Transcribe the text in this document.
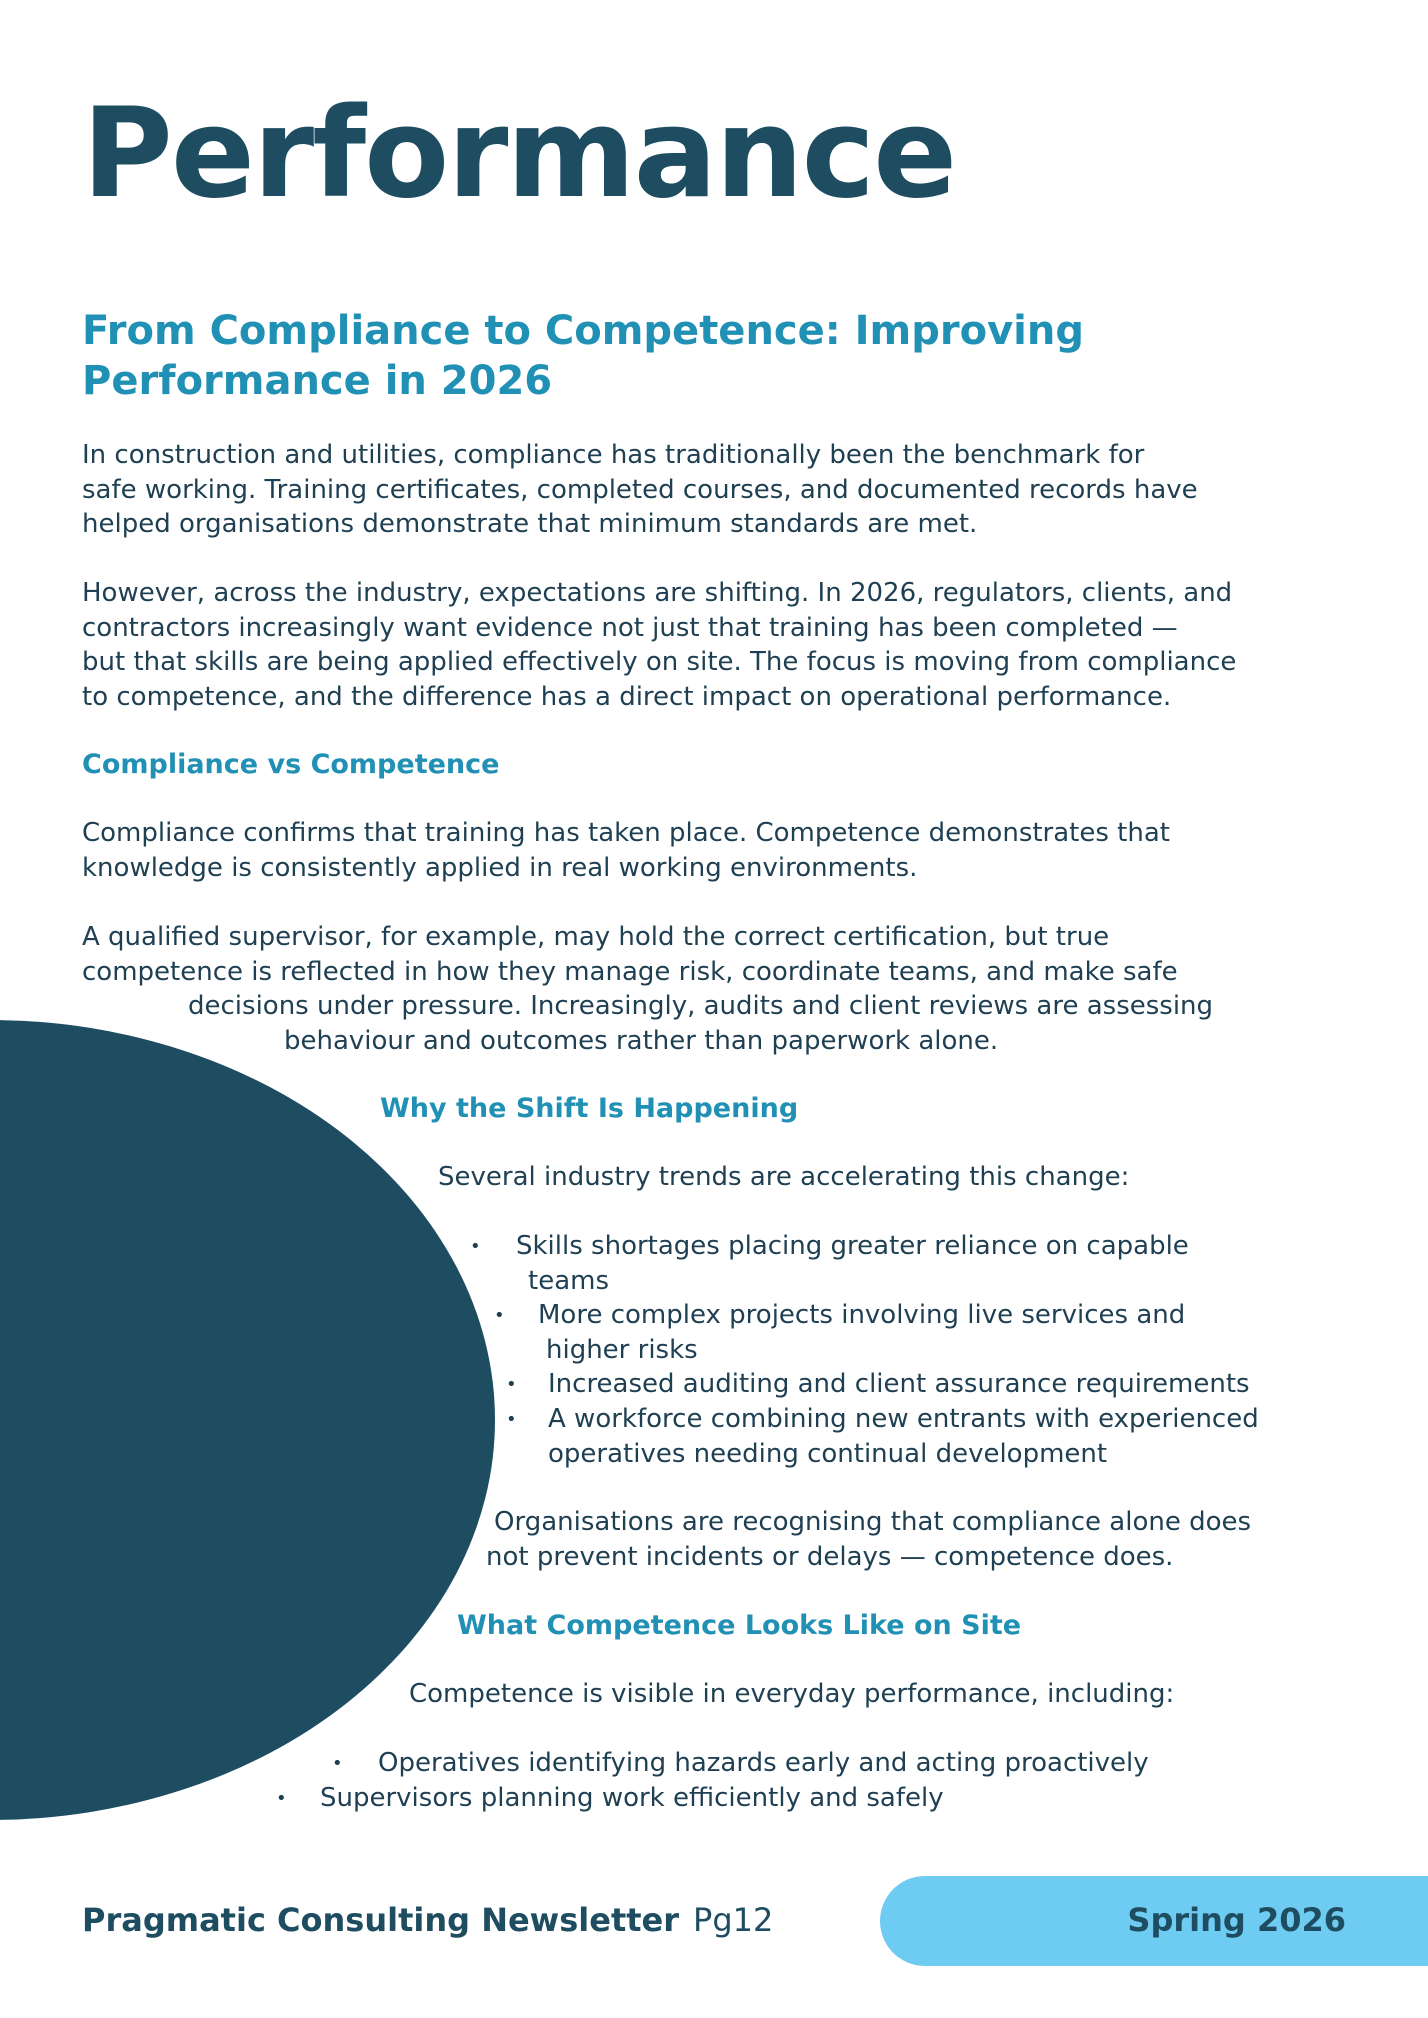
Performance
From Compliance to Competence: Improving
Performance in 2026

In construction and utilities, compliance has traditionally been the benchmark for
safe working. Training certificates, completed courses, and documented records have
helped organisations demonstrate that minimum standards are met.

However, across the industry, expectations are shifting. In 2026, regulators, clients, and
contractors increasingly want evidence not just that training has been completed —
but that skills are being applied effectively on site. The focus is moving from compliance
to competence, and the difference has a direct impact on operational performance.

Compliance vs Competence

Compliance confirms that training has taken place. Competence demonstrates that
knowledge is consistently applied in real working environments.

A qualified supervisor, for example, may hold the correct certification, but true
competence is reflected in how they manage risk, coordinate teams, and make safe
decisions under pressure. Increasingly, audits and client reviews are assessing
behaviour and outcomes rather than paperwork alone.

Why the Shift Is Happening

Several industry trends are accelerating this change:

• Skills shortages placing greater reliance on capable
teams

• More complex projects involving live services and
higher risks

• Increased auditing and client assurance requirements

• A workforce combining new entrants with experienced
operatives needing continual development

Organisations are recognising that compliance alone does
not prevent incidents or delays — competence does.

What Competence Looks Like on Site

Competence is visible in everyday performance, including:

• Operatives identifying hazards early and acting proactively

• Supervisors planning work efficiently and safely

Pragmatic Consulting Newsletter Pg12	Spring 2026
